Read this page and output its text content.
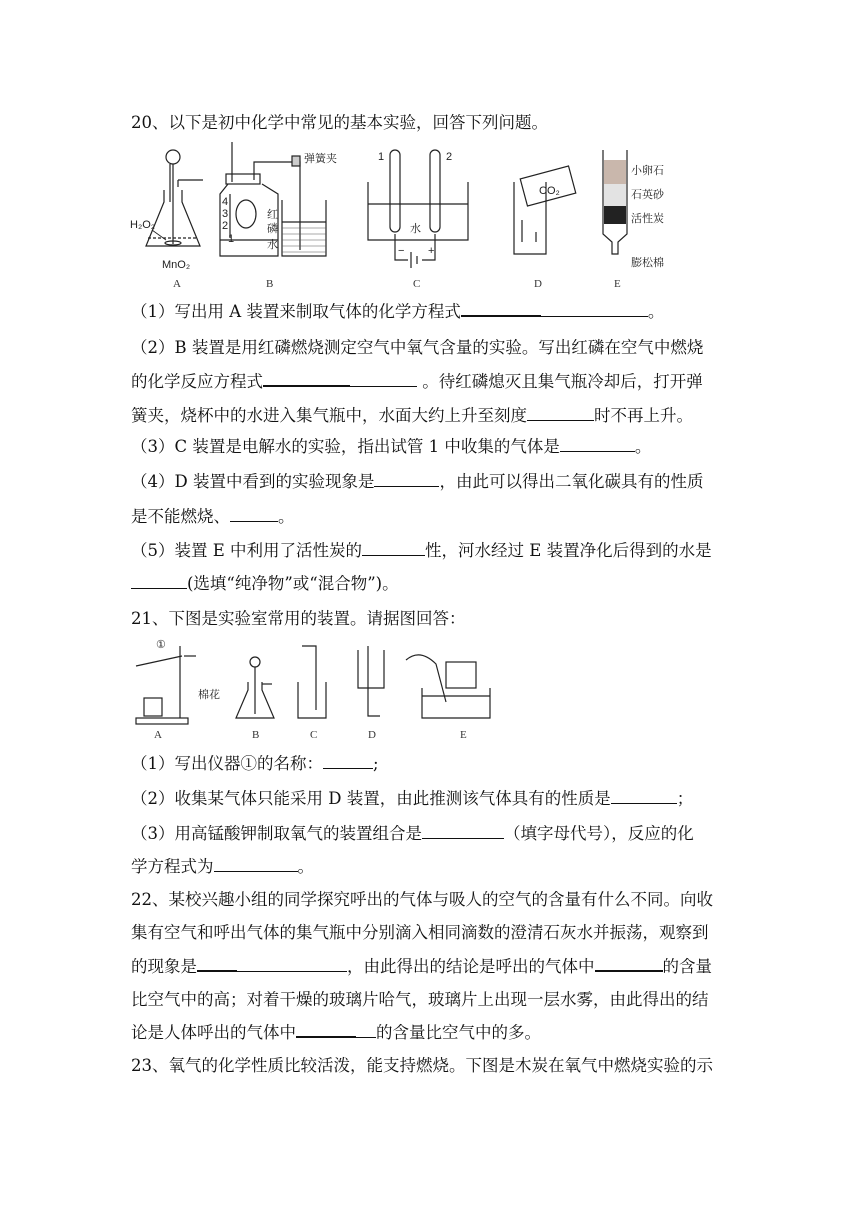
20、以下是初中化学中常见的基本实验，回答下列问题。
H₂O₂
MnO₂
A
4
3
2
1
弹簧夹
红
磷
水
B
1	2
水
− +
C
CO₂
D
小卵石
石英砂
活性炭
膨松棉
E
（1）写出用 A 装置来制取气体的化学方程式	。
（2）B 装置是用红磷燃烧测定空气中氧气含量的实验。写出红磷在空气中燃烧
的化学反应方程式	。待红磷熄灭且集气瓶冷却后，打开弹
簧夹，烧杯中的水进入集气瓶中，水面大约上升至刻度	时不再上升。
（3）C 装置是电解水的实验，指出试管 1 中收集的气体是	。
（4）D 装置中看到的实验现象是	，由此可以得出二氧化碳具有的性质
是不能燃烧、	。
（5）装置 E 中利用了活性炭的	性，河水经过 E 装置净化后得到的水是
(选填“纯净物”或“混合物”)。
21、下图是实验室常用的装置。请据图回答：
①
棉花
A	B	C	D	E
（1）写出仪器①的名称：	;
（2）收集某气体只能采用 D 装置，由此推测该气体具有的性质是	；
（3）用高锰酸钾制取氧气的装置组合是	（填字母代号），反应的化
学方程式为	。
22、某校兴趣小组的同学探究呼出的气体与吸人的空气的含量有什么不同。向收
集有空气和呼出气体的集气瓶中分别滴入相同滴数的澄清石灰水并振荡，观察到
的现象是	，由此得出的结论是呼出的气体中	的含量
比空气中的高；对着干燥的玻璃片哈气，玻璃片上出现一层水雾，由此得出的结
论是人体呼出的气体中	的含量比空气中的多。
23、氧气的化学性质比较活泼，能支持燃烧。下图是木炭在氧气中燃烧实验的示
